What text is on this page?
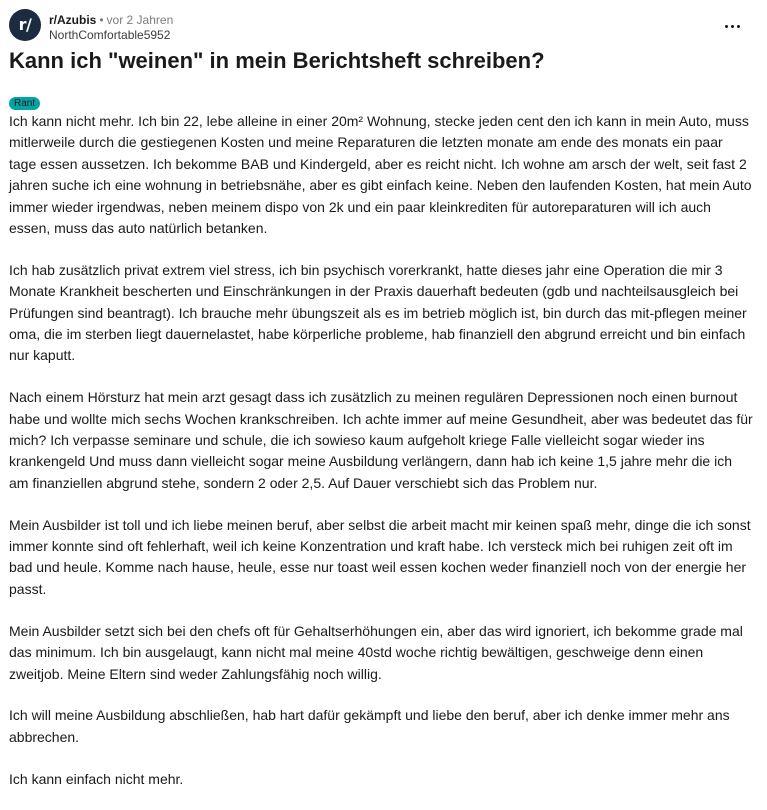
r/	r/Azubis • vor 2 Jahren
NorthComfortable5952
Kann ich "weinen" in mein Berichtsheft schreiben?
Rant

Ich kann nicht mehr. Ich bin 22, lebe alleine in einer 20m² Wohnung, stecke jeden cent den ich kann in mein Auto, muss mitlerweile durch die gestiegenen Kosten und meine Reparaturen die letzten monate am ende des monats ein paar tage essen aussetzen. Ich bekomme BAB und Kindergeld, aber es reicht nicht. Ich wohne am arsch der welt, seit fast 2 jahren suche ich eine wohnung in betriebsnähe, aber es gibt einfach keine. Neben den laufenden Kosten, hat mein Auto immer wieder irgendwas, neben meinem dispo von 2k und ein paar kleinkrediten für autoreparaturen will ich auch essen, muss das auto natürlich betanken.

Ich hab zusätzlich privat extrem viel stress, ich bin psychisch vorerkrankt, hatte dieses jahr eine Operation die mir 3 Monate Krankheit bescherten und Einschränkungen in der Praxis dauerhaft bedeuten (gdb und nachteilsausgleich bei Prüfungen sind beantragt). Ich brauche mehr übungszeit als es im betrieb möglich ist, bin durch das mit-pflegen meiner oma, die im sterben liegt dauernelastet, habe körperliche probleme, hab finanziell den abgrund erreicht und bin einfach nur kaputt.

Nach einem Hörsturz hat mein arzt gesagt dass ich zusätzlich zu meinen regulären Depressionen noch einen burnout habe und wollte mich sechs Wochen krankschreiben. Ich achte immer auf meine Gesundheit, aber was bedeutet das für mich? Ich verpasse seminare und schule, die ich sowieso kaum aufgeholt kriege Falle vielleicht sogar wieder ins krankengeld Und muss dann vielleicht sogar meine Ausbildung verlängern, dann hab ich keine 1,5 jahre mehr die ich am finanziellen abgrund stehe, sondern 2 oder 2,5. Auf Dauer verschiebt sich das Problem nur.

Mein Ausbilder ist toll und ich liebe meinen beruf, aber selbst die arbeit macht mir keinen spaß mehr, dinge die ich sonst immer konnte sind oft fehlerhaft, weil ich keine Konzentration und kraft habe. Ich versteck mich bei ruhigen zeit oft im bad und heule. Komme nach hause, heule, esse nur toast weil essen kochen weder finanziell noch von der energie her passt.

Mein Ausbilder setzt sich bei den chefs oft für Gehaltserhöhungen ein, aber das wird ignoriert, ich bekomme grade mal das minimum. Ich bin ausgelaugt, kann nicht mal meine 40std woche richtig bewältigen, geschweige denn einen zweitjob. Meine Eltern sind weder Zahlungsfähig noch willig.

Ich will meine Ausbildung abschließen, hab hart dafür gekämpft und liebe den beruf, aber ich denke immer mehr ans abbrechen.

Ich kann einfach nicht mehr.
